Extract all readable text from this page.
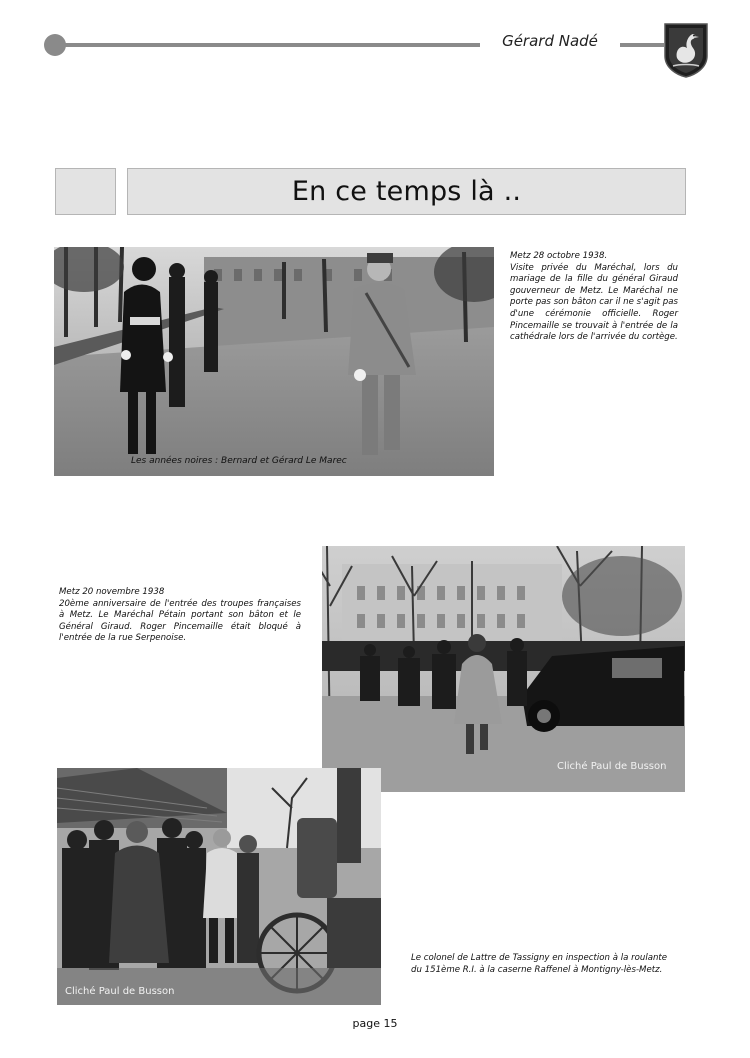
Gérard Nadé
En ce temps là ..
Les années noires : Bernard et Gérard Le Marec

Metz 28 octobre 1938.

Visite privée du Maréchal, lors du mariage de la fille du général Giraud gouverneur de Metz. Le Maréchal ne porte pas son bâton car il ne s'agit pas d'une cérémonie officielle. Roger Pincemaille se trouvait à l'entrée de la cathédrale lors de l'arrivée du cortège.

Metz 20 novembre 1938

20ème anniversaire de l'entrée des troupes françaises à Metz. Le Maréchal Pétain portant son bâton et le Général Giraud. Roger Pincemaille était bloqué à l'entrée de la rue Serpenoise.

Cliché Paul de Busson
Cliché Paul de Busson

Le colonel de Lattre de Tassigny en inspection à la roulante

du 151ème R.I. à la caserne Raffenel à Montigny-lès-Metz.

page 15
